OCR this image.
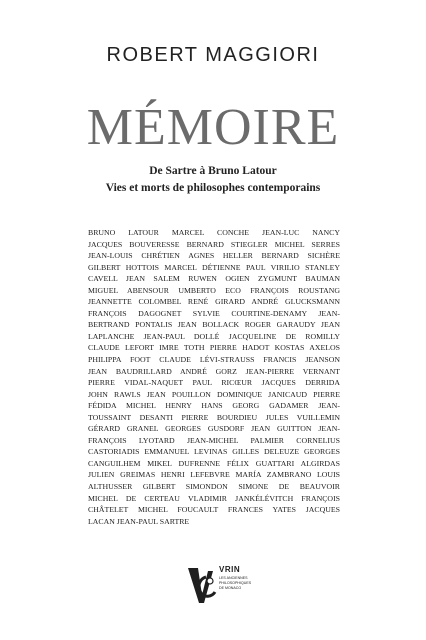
ROBERT MAGGIORI
MÉMOIRE
De Sartre à Bruno Latour
Vies et morts de philosophes contemporains
BRUNO LATOUR MARCEL CONCHE JEAN-LUC NANCY
JACQUES BOUVERESSE BERNARD STIEGLER MICHEL SERRES
JEAN-LOUIS CHRÉTIEN AGNES HELLER BERNARD SICHÈRE
GILBERT HOTTOIS MARCEL DÉTIENNE PAUL VIRILIO STANLEY
CAVELL JEAN SALEM RUWEN OGIEN ZYGMUNT BAUMAN
MIGUEL ABENSOUR UMBERTO ECO FRANÇOIS ROUSTANG
JEANNETTE COLOMBEL RENÉ GIRARD ANDRÉ GLUCKSMANN
FRANÇOIS DAGOGNET SYLVIE COURTINE-DENAMY JEAN-
BERTRAND PONTALIS JEAN BOLLACK ROGER GARAUDY JEAN
LAPLANCHE JEAN-PAUL DOLLÉ JACQUELINE DE ROMILLY
CLAUDE LEFORT IMRE TOTH PIERRE HADOT KOSTAS AXELOS
PHILIPPA FOOT CLAUDE LÉVI-STRAUSS FRANCIS JEANSON
JEAN BAUDRILLARD ANDRÉ GORZ JEAN-PIERRE VERNANT
PIERRE VIDAL-NAQUET PAUL RICŒUR JACQUES DERRIDA
JOHN RAWLS JEAN POUILLON DOMINIQUE JANICAUD PIERRE
FÉDIDA MICHEL HENRY HANS GEORG GADAMER JEAN-
TOUSSAINT DESANTI PIERRE BOURDIEU JULES VUILLEMIN
GÉRARD GRANEL GEORGES GUSDORF JEAN GUITTON JEAN-
FRANÇOIS LYOTARD JEAN-MICHEL PALMIER CORNELIUS
CASTORIADIS EMMANUEL LEVINAS GILLES DELEUZE GEORGES
CANGUILHEM MIKEL DUFRENNE FÉLIX GUATTARI ALGIRDAS
JULIEN GREIMAS HENRI LEFEBVRE MARÍA ZAMBRANO LOUIS
ALTHUSSER GILBERT SIMONDON SIMONE DE BEAUVOIR
MICHEL DE CERTEAU VLADIMIR JANKÉLÉVITCH FRANÇOIS
CHÂTELET MICHEL FOUCAULT FRANCES YATES JACQUES
LACAN JEAN-PAUL SARTRE
VRIN
LES ANCIENNES
PHILOSOPHIQUES
DE MONACO
